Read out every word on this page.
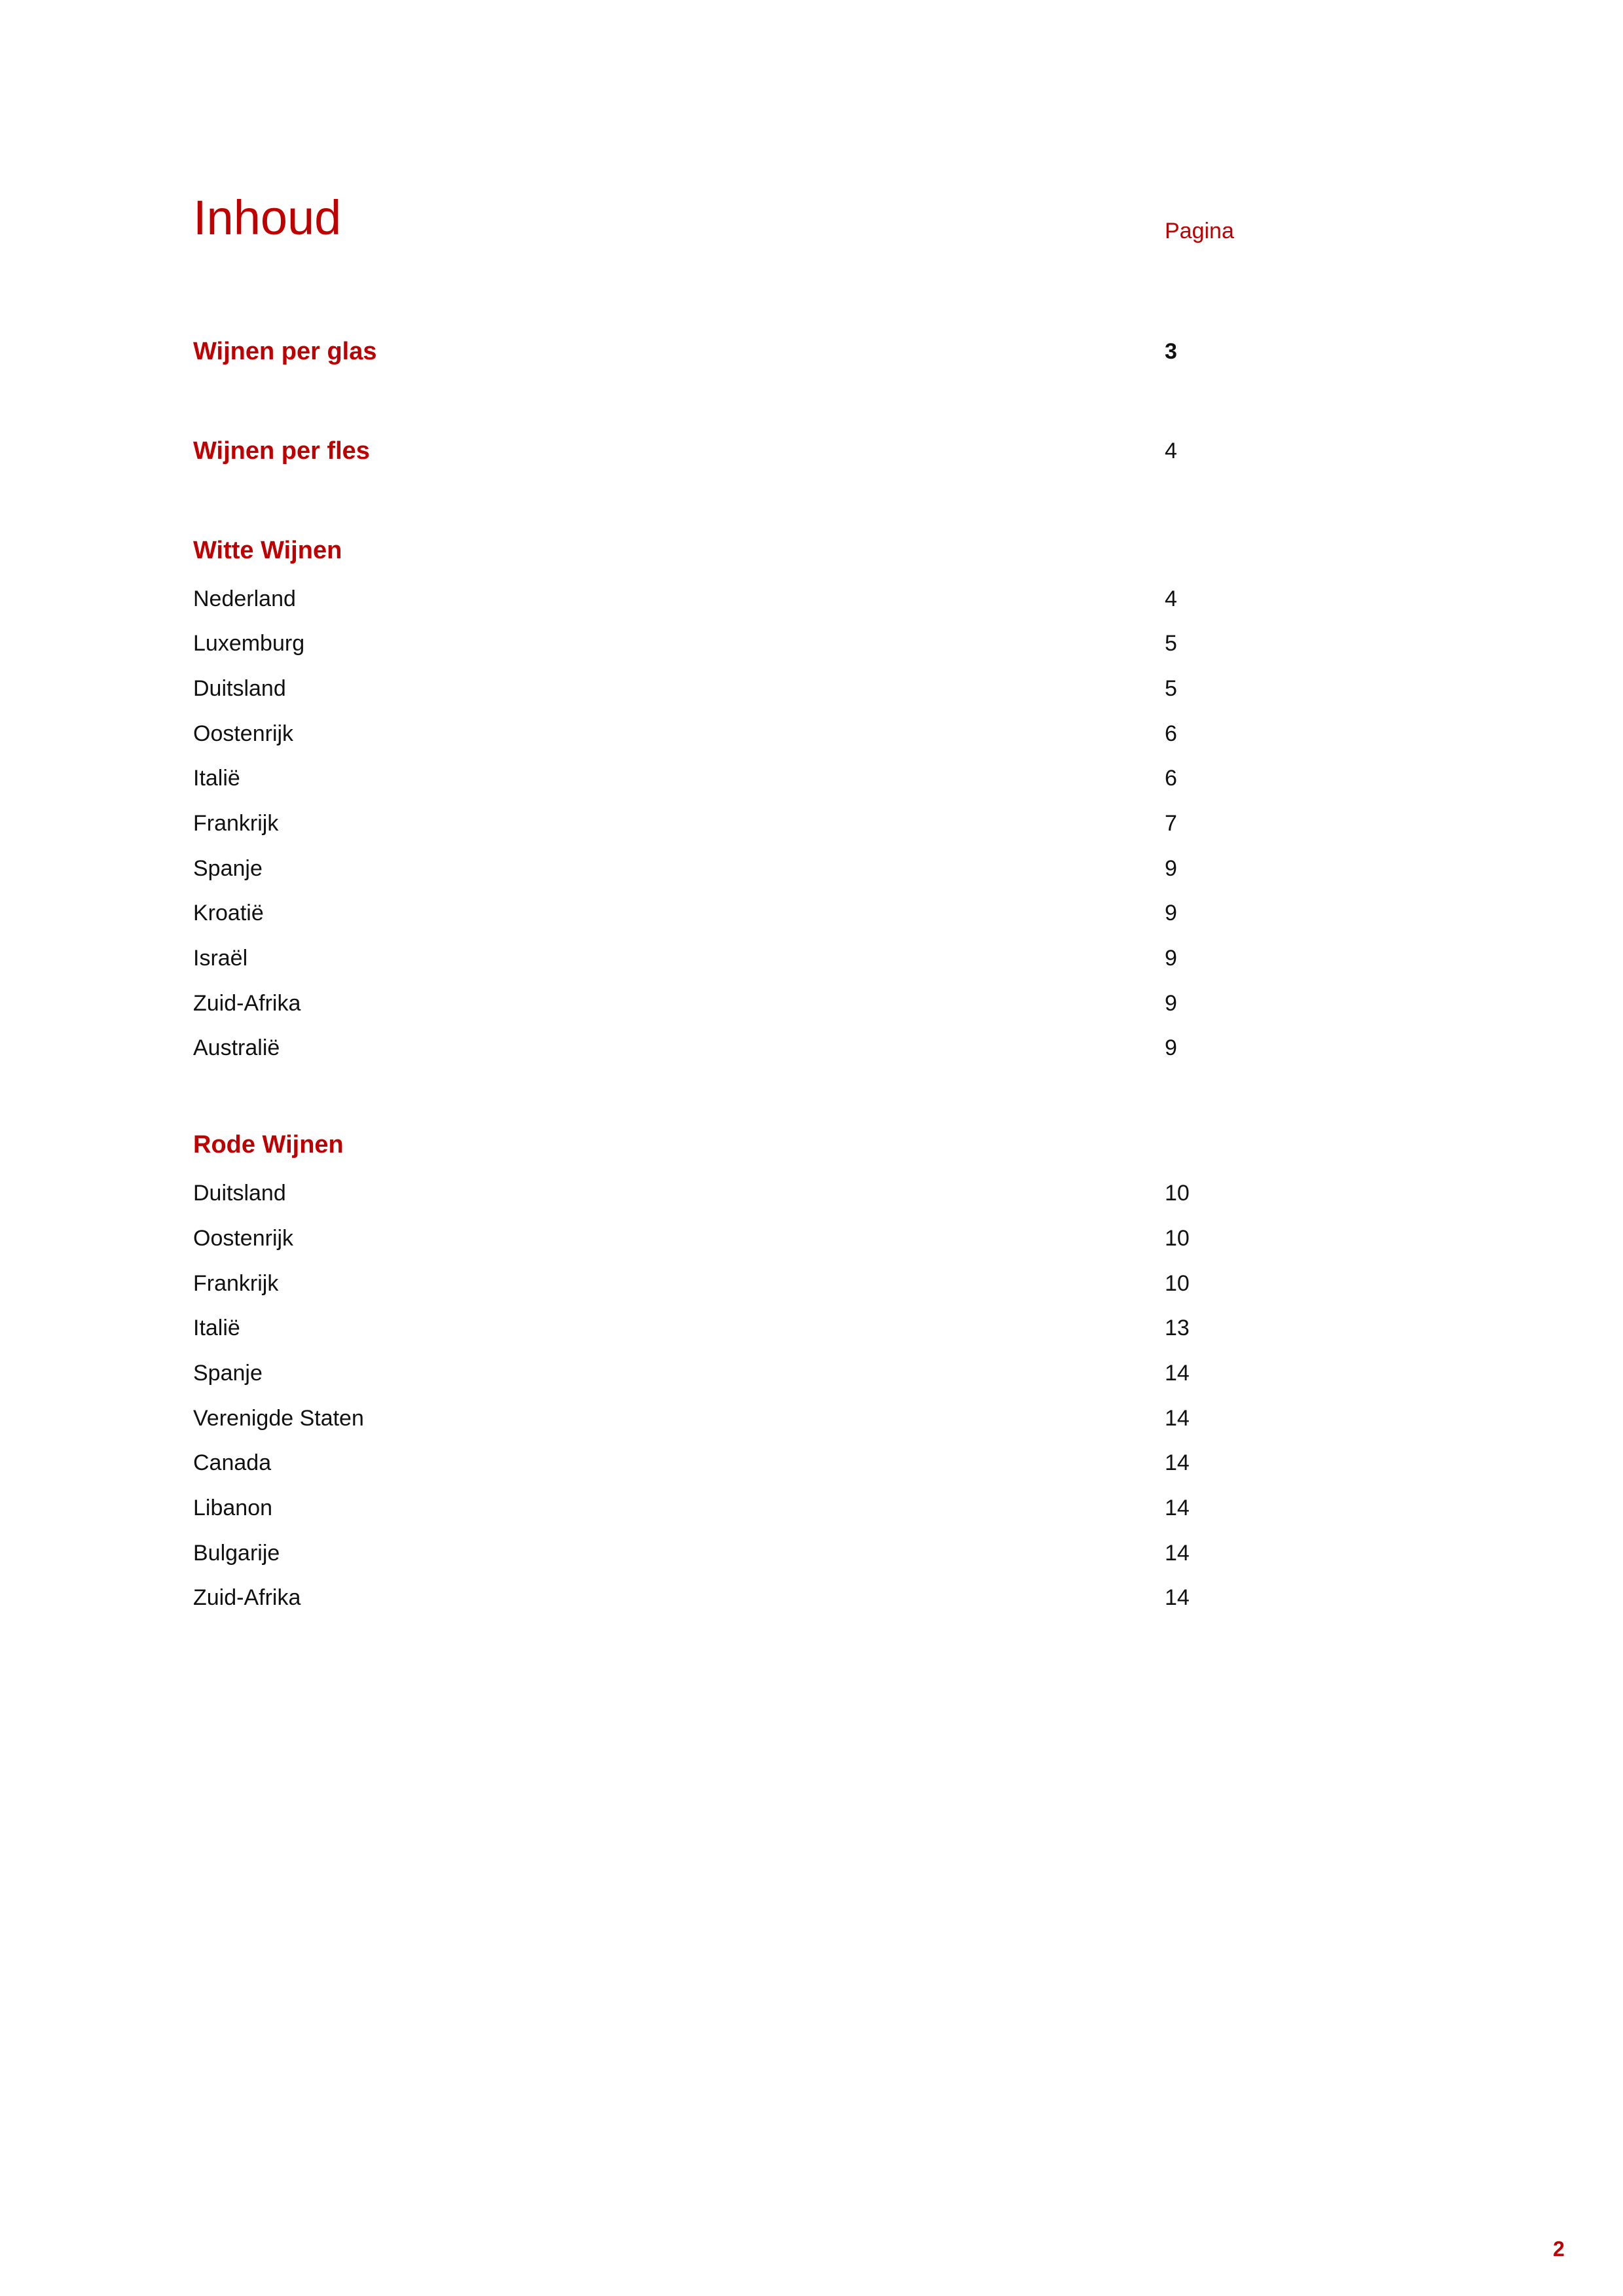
Inhoud	Pagina
Wijnen per glas	3
Wijnen per fles	4
Witte Wijnen
Nederland	4
Luxemburg	5
Duitsland	5
Oostenrijk	6
Italië	6
Frankrijk	7
Spanje	9
Kroatië	9
Israël	9
Zuid-Afrika	9
Australië	9
Rode Wijnen
Duitsland	10
Oostenrijk	10
Frankrijk	10
Italië	13
Spanje	14
Verenigde Staten	14
Canada	14
Libanon	14
Bulgarije	14
Zuid-Afrika	14
2
